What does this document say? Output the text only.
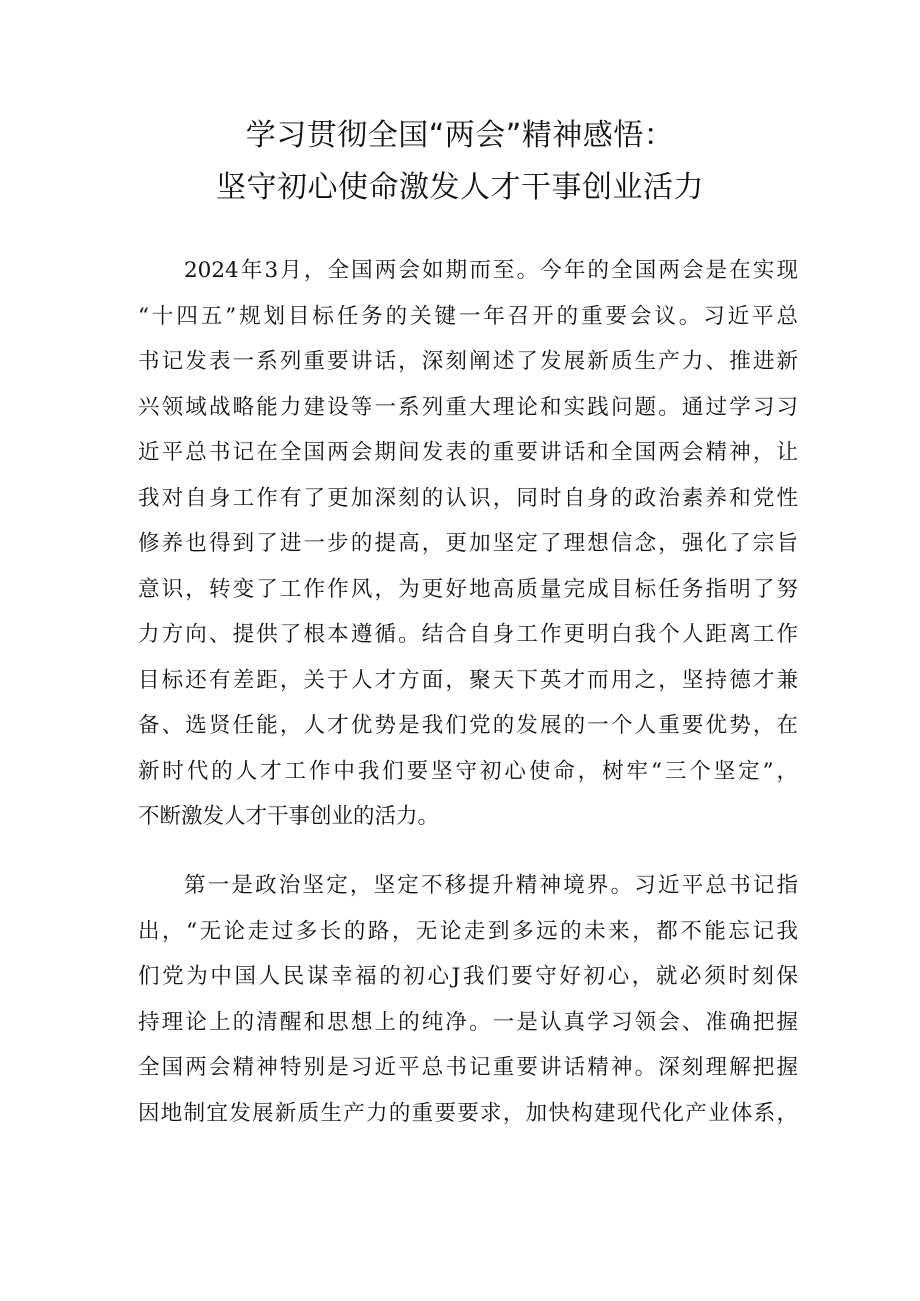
学习贯彻全国“两会”精神感悟：
坚守初心使命激发人才干事创业活力
2024年3月，全国两会如期而至。今年的全国两会是在实现
“十四五”规划目标任务的关键一年召开的重要会议。习近平总
书记发表一系列重要讲话，深刻阐述了发展新质生产力、推进新
兴领域战略能力建设等一系列重大理论和实践问题。通过学习习
近平总书记在全国两会期间发表的重要讲话和全国两会精神，让
我对自身工作有了更加深刻的认识，同时自身的政治素养和党性
修养也得到了进一步的提高，更加坚定了理想信念，强化了宗旨
意识，转变了工作作风，为更好地高质量完成目标任务指明了努
力方向、提供了根本遵循。结合自身工作更明白我个人距离工作
目标还有差距，关于人才方面，聚天下英才而用之，坚持德才兼
备、选贤任能，人才优势是我们党的发展的一个人重要优势，在
新时代的人才工作中我们要坚守初心使命，树牢“三个坚定”，
不断激发人才干事创业的活力。
第一是政治坚定，坚定不移提升精神境界。习近平总书记指
出，“无论走过多长的路，无论走到多远的未来，都不能忘记我
们党为中国人民谋幸福的初心J我们要守好初心，就必须时刻保
持理论上的清醒和思想上的纯净。一是认真学习领会、准确把握
全国两会精神特别是习近平总书记重要讲话精神。深刻理解把握
因地制宜发展新质生产力的重要要求，加快构建现代化产业体系，
